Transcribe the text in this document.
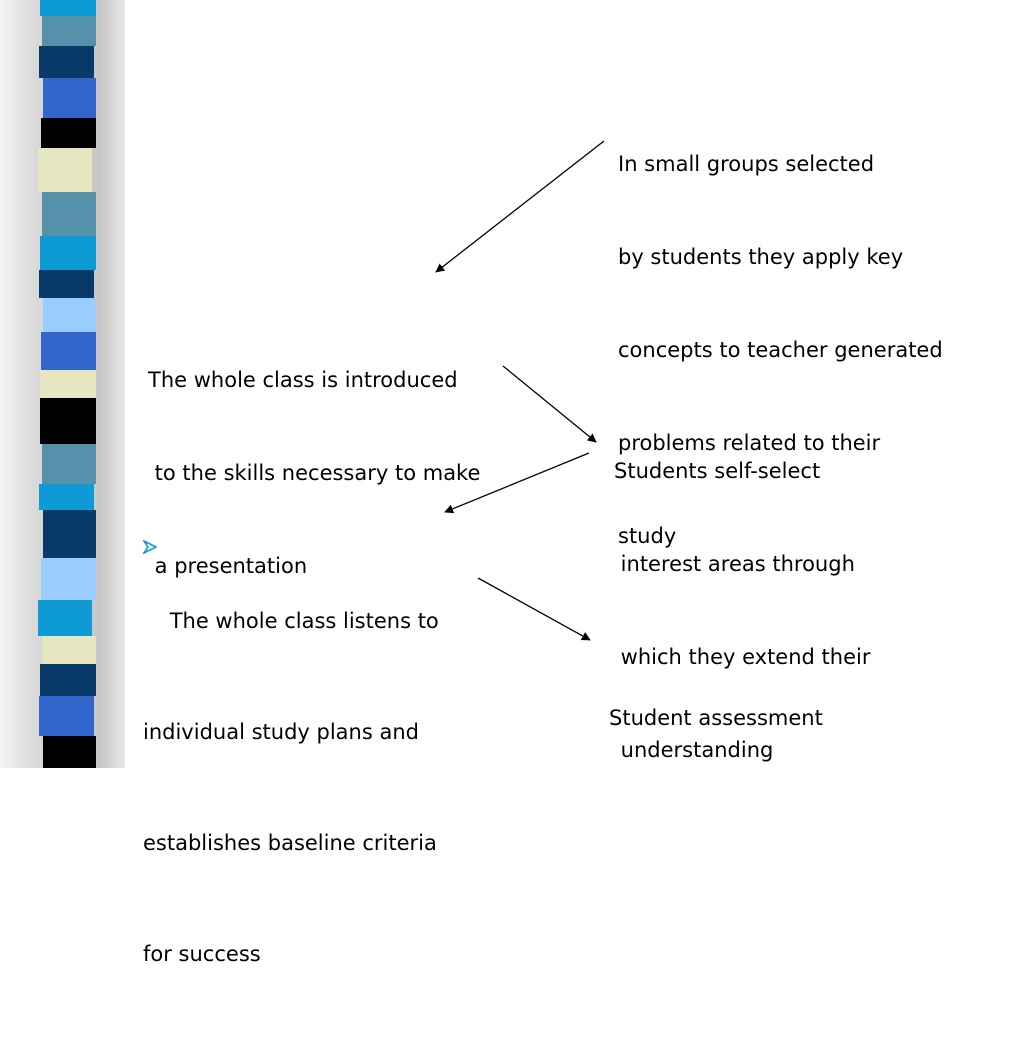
In small groups selected

by students they apply key

concepts to teacher generated

problems related to their

study

The whole class is introduced

to the skills necessary to make

a presentation

Students self-select

interest areas through

which they extend their

understanding

The whole class listens to

individual study plans and

establishes baseline criteria

for success

Student assessment
